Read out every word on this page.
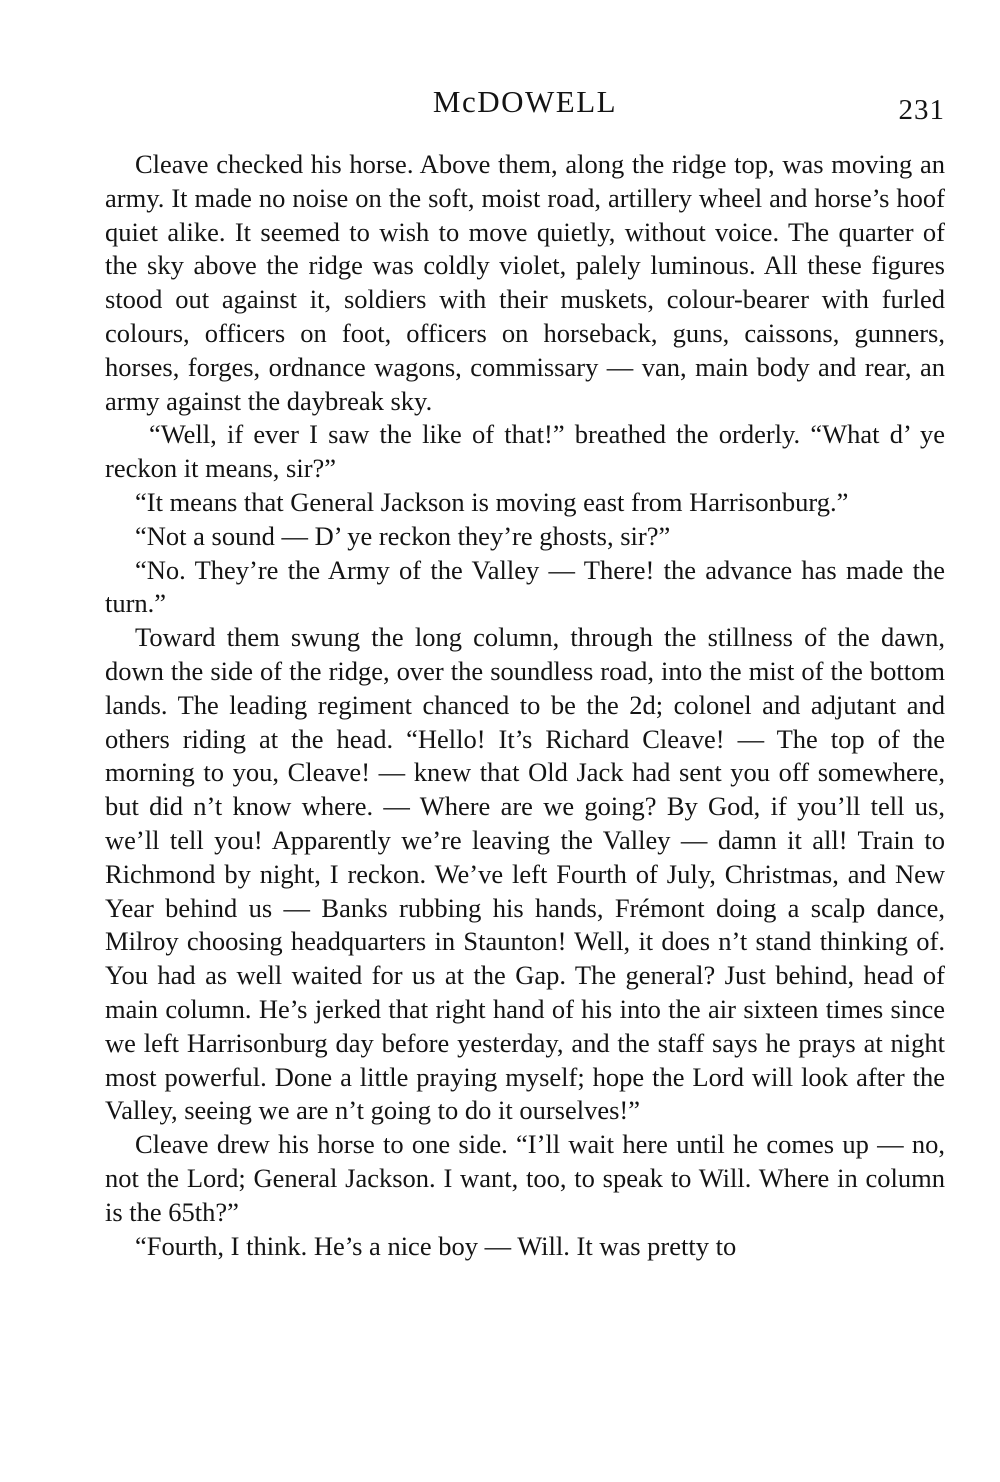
McDOWELL	231

Cleave checked his horse. Above them, along the ridge top, was moving an army. It made no noise on the soft, moist road, artillery wheel and horse’s hoof quiet alike. It seemed to wish to move quietly, without voice. The quarter of the sky above the ridge was coldly violet, palely luminous. All these figures stood out against it, soldiers with their muskets, colour-bearer with furled colours, officers on foot, officers on horseback, guns, caissons, gunners, horses, forges, ordnance wagons, commissary — van, main body and rear, an army against the daybreak sky.

“Well, if ever I saw the like of that!” breathed the orderly. “What d’ ye reckon it means, sir?”

“It means that General Jackson is moving east from Harrisonburg.”

“Not a sound — D’ ye reckon they’re ghosts, sir?”

“No. They’re the Army of the Valley — There! the advance has made the turn.”

Toward them swung the long column, through the stillness of the dawn, down the side of the ridge, over the soundless road, into the mist of the bottom lands. The leading regiment chanced to be the 2d; colonel and adjutant and others riding at the head. “Hello! It’s Richard Cleave! — The top of the morning to you, Cleave! — knew that Old Jack had sent you off somewhere, but did n’t know where. — Where are we going? By God, if you’ll tell us, we’ll tell you! Apparently we’re leaving the Valley — damn it all! Train to Richmond by night, I reckon. We’ve left Fourth of July, Christmas, and New Year behind us — Banks rubbing his hands, Frémont doing a scalp dance, Milroy choosing headquarters in Staunton! Well, it does n’t stand thinking of. You had as well waited for us at the Gap. The general? Just behind, head of main column. He’s jerked that right hand of his into the air sixteen times since we left Harrisonburg day before yesterday, and the staff says he prays at night most powerful. Done a little praying myself; hope the Lord will look after the Valley, seeing we are n’t going to do it ourselves!”

Cleave drew his horse to one side. “I’ll wait here until he comes up — no, not the Lord; General Jackson. I want, too, to speak to Will. Where in column is the 65th?”

“Fourth, I think. He’s a nice boy — Will. It was pretty to
